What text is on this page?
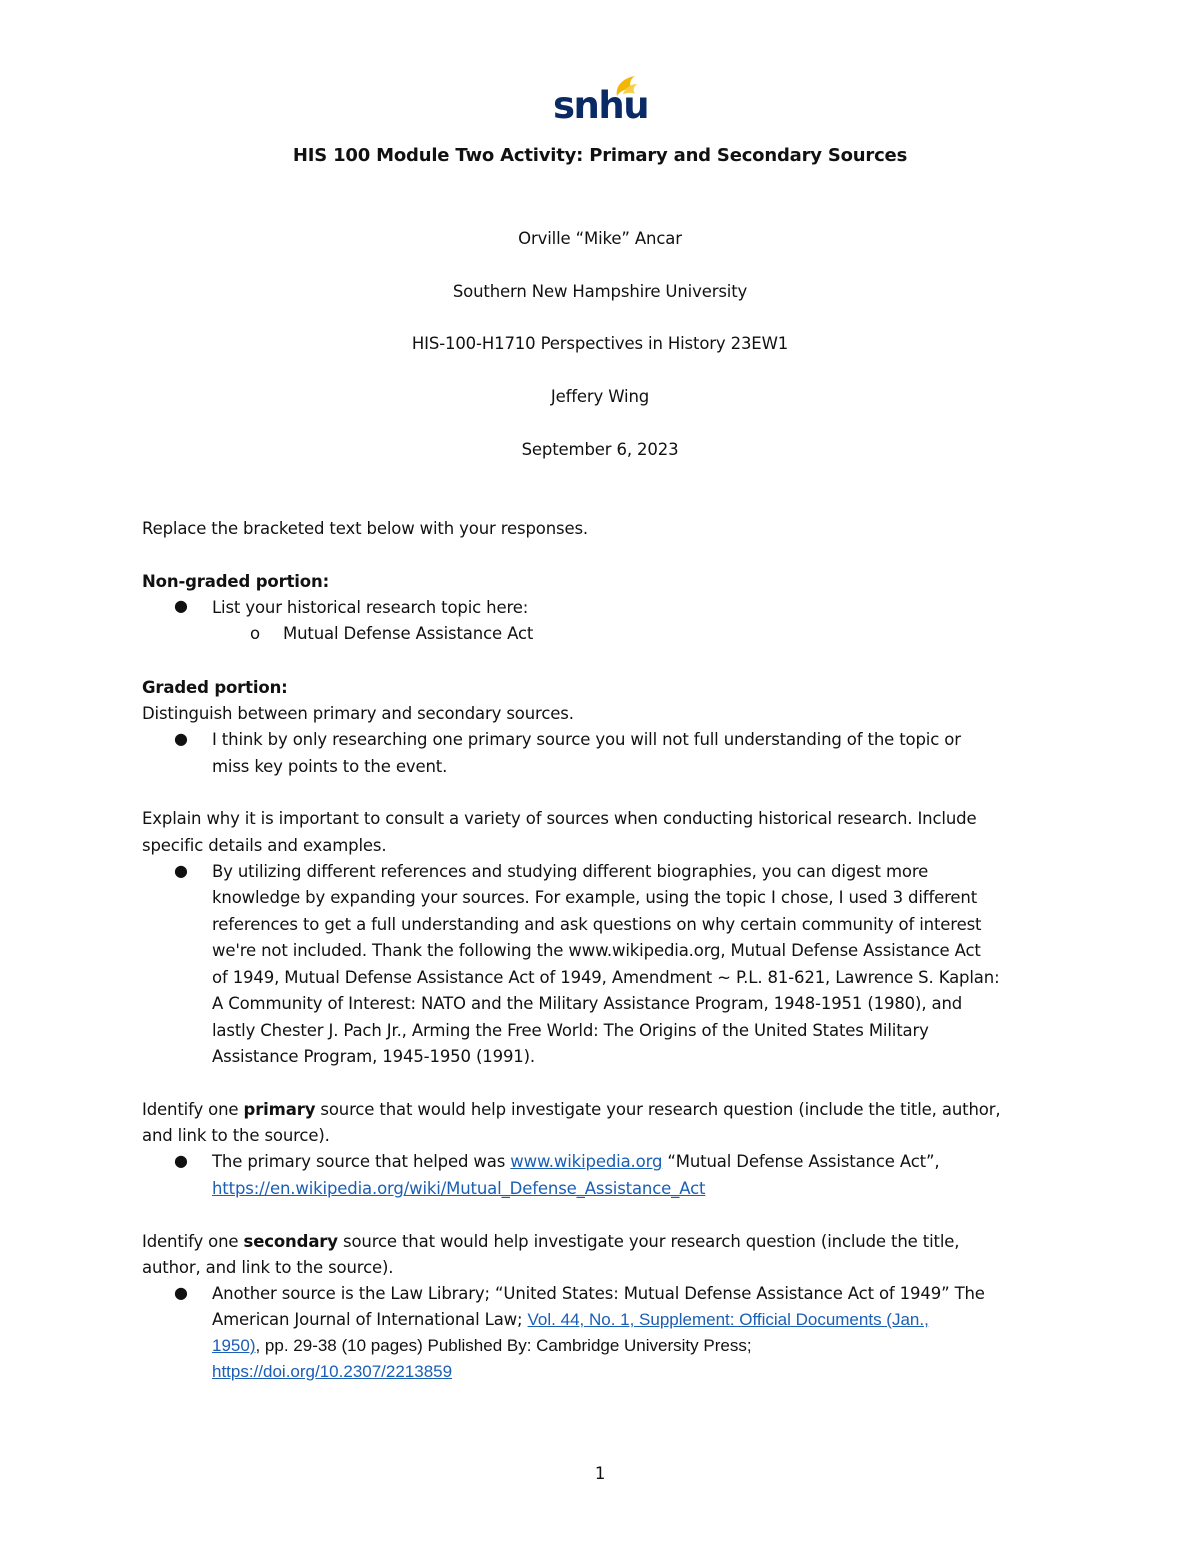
snhu
HIS 100 Module Two Activity: Primary and Secondary Sources
Orville “Mike” Ancar
Southern New Hampshire University
HIS-100-H1710 Perspectives in History 23EW1
Jeffery Wing
September 6, 2023
Replace the bracketed text below with your responses.
Non-graded portion:
● List your historical research topic here:
o Mutual Defense Assistance Act
Graded portion:
Distinguish between primary and secondary sources.
● I think by only researching one primary source you will not full understanding of the topic or
miss key points to the event.
Explain why it is important to consult a variety of sources when conducting historical research. Include
specific details and examples.
● By utilizing different references and studying different biographies, you can digest more
knowledge by expanding your sources. For example, using the topic I chose, I used 3 different
references to get a full understanding and ask questions on why certain community of interest
we're not included. Thank the following the www.wikipedia.org, Mutual Defense Assistance Act
of 1949, Mutual Defense Assistance Act of 1949, Amendment ~ P.L. 81-621, Lawrence S. Kaplan:
A Community of Interest: NATO and the Military Assistance Program, 1948-1951 (1980), and
lastly Chester J. Pach Jr., Arming the Free World: The Origins of the United States Military
Assistance Program, 1945-1950 (1991).
Identify one primary source that would help investigate your research question (include the title, author,
and link to the source).
● The primary source that helped was www.wikipedia.org “Mutual Defense Assistance Act”,
https://en.wikipedia.org/wiki/Mutual_Defense_Assistance_Act
Identify one secondary source that would help investigate your research question (include the title,
author, and link to the source).
● Another source is the Law Library; “United States: Mutual Defense Assistance Act of 1949” The
American Journal of International Law; Vol. 44, No. 1, Supplement: Official Documents (Jan.,
1950), pp. 29-38 (10 pages) Published By: Cambridge University Press;
https://doi.org/10.2307/2213859
1
